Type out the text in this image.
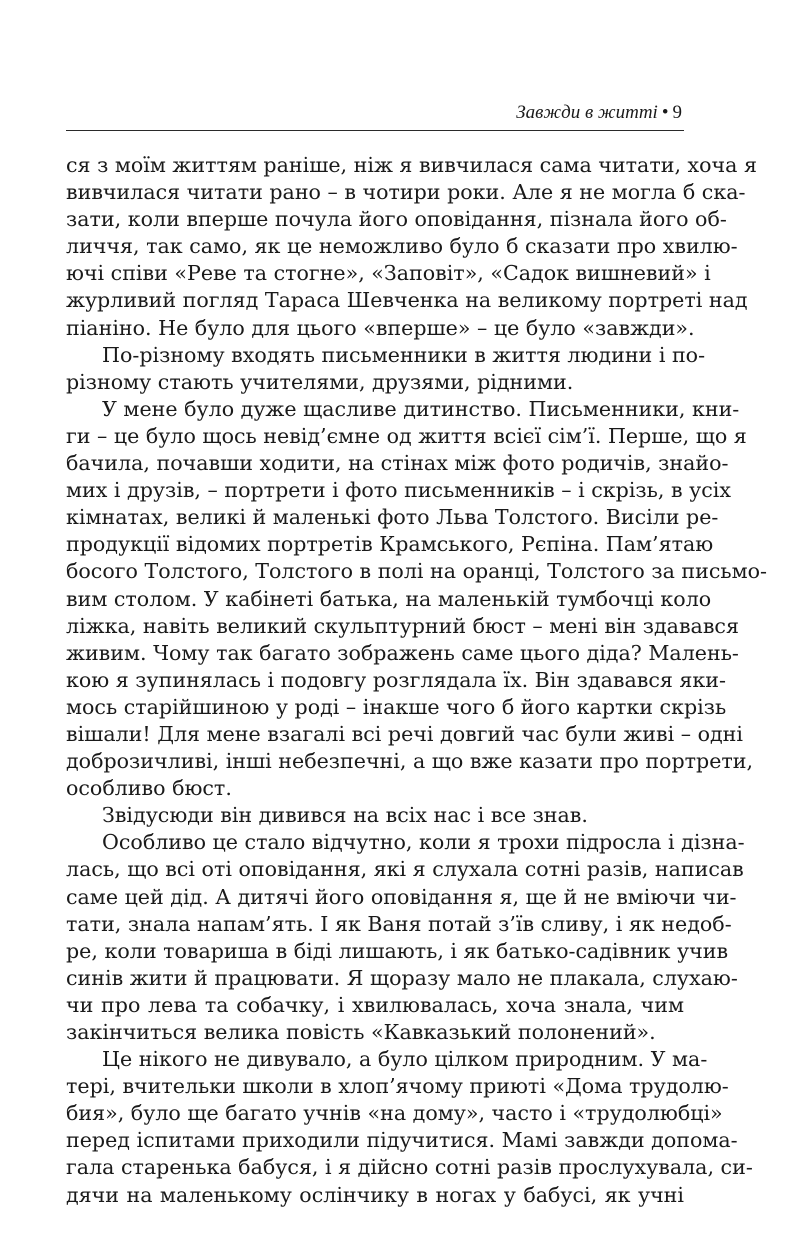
Завжди в житті • 9
ся з моїм життям раніше, ніж я вивчилася сама читати, хоча я
вивчилася читати рано – в чотири роки. Але я не могла б ска-
зати, коли вперше почула його оповідання, пізнала його об-
личчя, так само, як це неможливо було б сказати про хвилю-
ючі співи «Реве та стогне», «Заповіт», «Садок вишневий» і
журливий погляд Тараса Шевченка на великому портреті над
піаніно. Не було для цього «вперше» – це було «завжди».
По-різному входять письменники в життя людини і по-
різному стають учителями, друзями, рідними.
У мене було дуже щасливе дитинство. Письменники, кни-
ги – це було щось невід’ємне од життя всієї сім’ї. Перше, що я
бачила, почавши ходити, на стінах між фото родичів, знайо-
мих і друзів, – портрети і фото письменників – і скрізь, в усіх
кімнатах, великі й маленькі фото Льва Толстого. Висіли ре-
продукції відомих портретів Крамського, Рєпіна. Пам’ятаю
босого Толстого, Толстого в полі на оранці, Толстого за письмо-
вим столом. У кабінеті батька, на маленькій тумбочці коло
ліжка, навіть великий скульптурний бюст – мені він здавався
живим. Чому так багато зображень саме цього діда? Малень-
кою я зупинялась і подовгу розглядала їх. Він здавався яки-
мось старійшиною у роді – інакше чого б його картки скрізь
вішали! Для мене взагалі всі речі довгий час були живі – одні
доброзичливі, інші небезпечні, а що вже казати про портрети,
особливо бюст.
Звідусюди він дивився на всіх нас і все знав.
Особливо це стало відчутно, коли я трохи підросла і дізна-
лась, що всі оті оповідання, які я слухала сотні разів, написав
саме цей дід. А дитячі його оповідання я, ще й не вміючи чи-
тати, знала напам’ять. І як Ваня потай з’їв сливу, і як недоб-
ре, коли товариша в біді лишають, і як батько-садівник учив
синів жити й працювати. Я щоразу мало не плакала, слухаю-
чи про лева та собачку, і хвилювалась, хоча знала, чим
закінчиться велика повість «Кавказький полонений».
Це нікого не дивувало, а було цілком природним. У ма-
тері, вчительки школи в хлоп’ячому приюті «Дома трудолю-
бия», було ще багато учнів «на дому», часто і «трудолюбці»
перед іспитами приходили підучитися. Мамі завжди допома-
гала старенька бабуся, і я дійсно сотні разів прослухувала, си-
дячи на маленькому ослінчику в ногах у бабусі, як учні
